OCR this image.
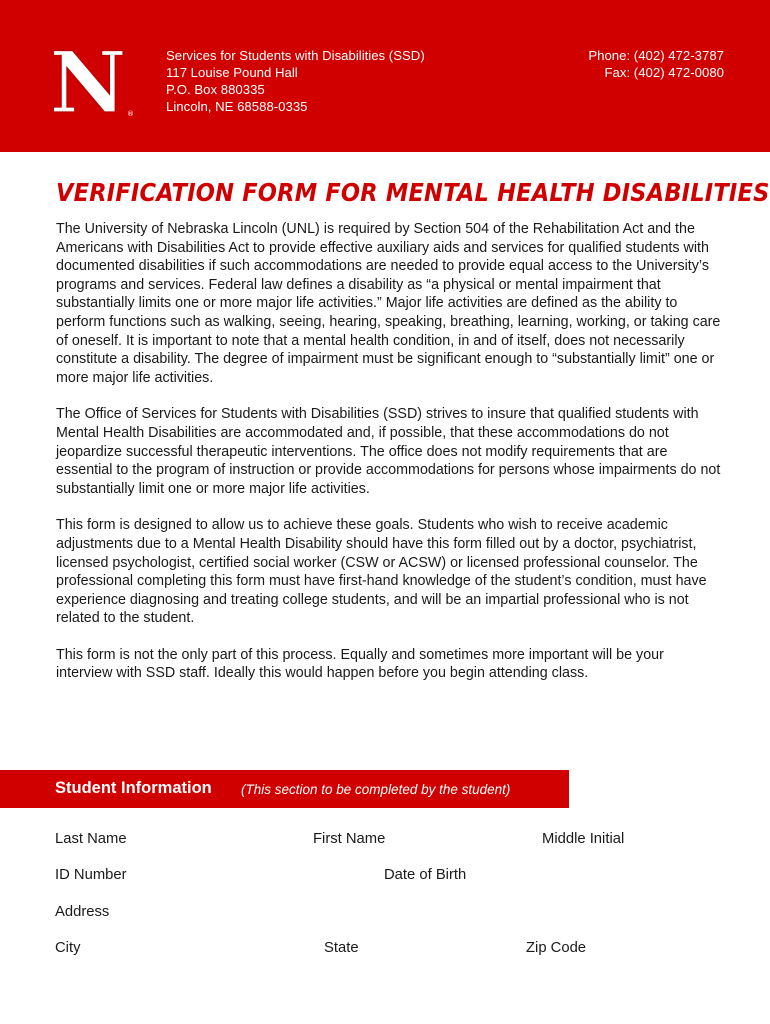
N ®
Services for Students with Disabilities (SSD)
117 Louise Pound Hall
P.O. Box 880335
Lincoln, NE 68588-0335
Phone: (402) 472-3787
Fax: (402) 472-0080
VERIFICATION FORM FOR MENTAL HEALTH DISABILITIES

The University of Nebraska Lincoln (UNL) is required by Section 504 of the Rehabilitation Act and the Americans with Disabilities Act to provide effective auxiliary aids and services for qualified students with documented disabilities if such accommodations are needed to provide equal access to the University’s programs and services. Federal law defines a disability as “a physical or mental impairment that substantially limits one or more major life activities.” Major life activities are defined as the ability to perform functions such as walking, seeing, hearing, speaking, breathing, learning, working, or taking care of oneself. It is important to note that a mental health condition, in and of itself, does not necessarily constitute a disability. The degree of impairment must be significant enough to “substantially limit” one or more major life activities.

The Office of Services for Students with Disabilities (SSD) strives to insure that qualified students with Mental Health Disabilities are accommodated and, if possible, that these accommodations do not jeopardize successful therapeutic interventions. The office does not modify requirements that are essential to the program of instruction or provide accommodations for persons whose impairments do not substantially limit one or more major life activities.

This form is designed to allow us to achieve these goals. Students who wish to receive academic adjustments due to a Mental Health Disability should have this form filled out by a doctor, psychiatrist, licensed psychologist, certified social worker (CSW or ACSW) or licensed professional counselor. The professional completing this form must have first-hand knowledge of the student’s condition, must have experience diagnosing and treating college students, and will be an impartial professional who is not related to the student.

This form is not the only part of this process. Equally and sometimes more important will be your interview with SSD staff. Ideally this would happen before you begin attending class.

Student Information (This section to be completed by the student)
Last Name	First Name	Middle Initial
ID Number	Date of Birth
Address
City	State	Zip Code
